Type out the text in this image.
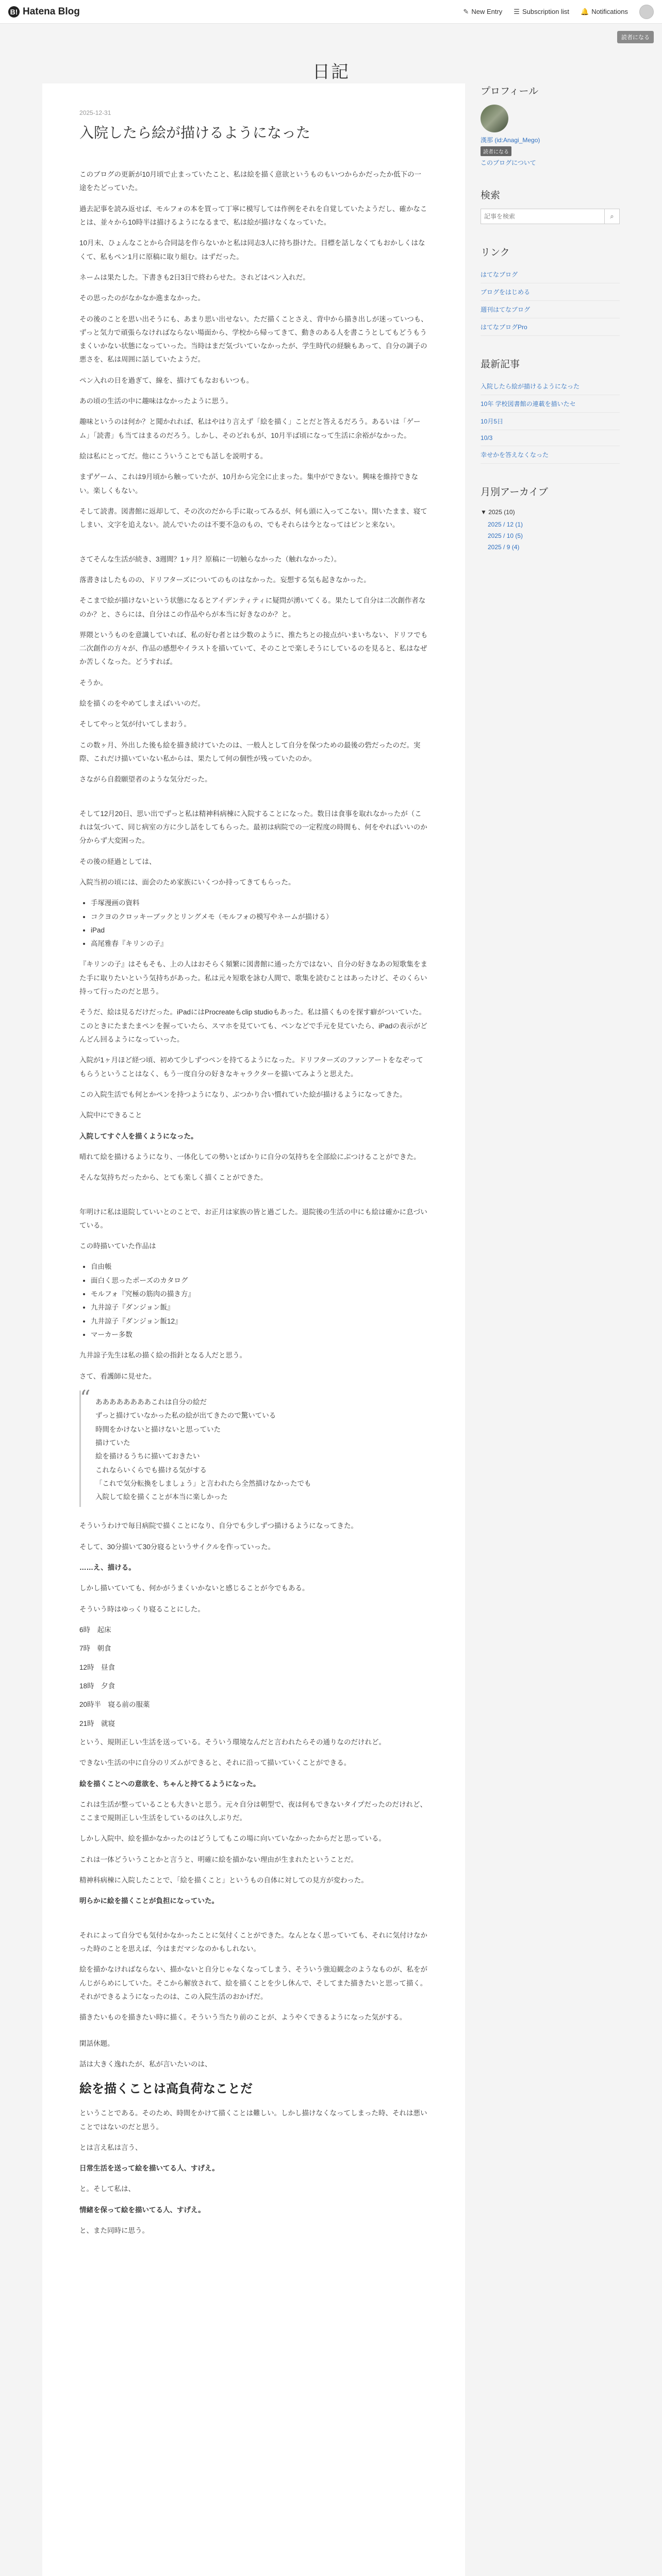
B! Hatena Blog	✎ New Entry ☰ Subscription list 🔔 Notifications
読者になる
日記
2025-12-31
入院したら絵が描けるようになった

このブログの更新が10月頃で止まっていたこと、私は絵を描く意欲というものもいつからかだったか低下の一途をたどっていた。

過去記事を読み返せば、モルフォの本を買って丁寧に模写しては作例をそれを自覚していたようだし、確かなことは、並々から10時半は描けるようになるまで、私は絵が描けなくなっていた。

10月末、ひょんなことから合同誌を作らないかと私は同志3人に持ち掛けた。目標を話しなくてもおかしくはなくて、私もペン1月に原稿に取り組む。はずだった。

ネームは果たした。下書きも2日3日で終わらせた。されどはペン入れだ。

その思ったのがなかなか進まなかった。

その後のことを思い出そうにも、あまり思い出せない。ただ描くことさえ、背中から描き出しが迷っていつも、ずっと気力で頑張らなければならない場面から、学校から帰ってきて、動きのある人を書こうとしてもどうもうまくいかない状態になっていった。当時はまだ気づいていなかったが、学生時代の経験もあって、自分の調子の悪さを、私は周囲に話していたようだ。

ペン入れの日を過ぎて、線を、描けてもなおもいつも。

あの頃の生活の中に趣味はなかったように思う。

趣味というのは何か？と聞かれれば、私はやはり言えず「絵を描く」ことだと答えるだろう。あるいは「ゲーム」「読書」も当てはまるのだろう。しかし、そのどれもが、10月半ば頃になって生活に余裕がなかった。

絵は私にとってだ。他にこういうことでも話しを説明する。

まずゲーム、これは9月頃から触っていたが、10月から完全に止まった。集中ができない。興味を維持できない。楽しくもない。

そして読書。図書館に返却して、その次のだから手に取ってみるが、何も頭に入ってこない。開いたまま、寝てしまい、文字を追えない。読んでいたのは不要不急のもの、でもそれらは今となってはピンと来ない。

さてそんな生活が続き、3週間？1ヶ月？原稿に一切触らなかった（触れなかった）。

落書きはしたものの、ドリフターズについてのものはなかった。妄想する気も起きなかった。

そこまで絵が描けないという状態になるとアイデンティティに疑問が湧いてくる。果たして自分は二次創作者なのか？と、さらには、自分はこの作品やらが本当に好きなのか？と。

界隈というものを意識していれば、私の好む者とは少数のように、推たちとの接点がいまいちない、ドリフでも二次創作の方々が、作品の感想やイラストを描いていて、そのことで楽しそうにしているのを見ると、私はなぜか苦しくなった。どうすれば。

そうか。

絵を描くのをやめてしまえばいいのだ。

そしてやっと気が付いてしまおう。

この数ヶ月、外出した後も絵を描き続けていたのは、一般人として自分を保つための最後の砦だったのだ。実際、これだけ描いていない私からは、果たして何の個性が残っていたのか。

さながら自殺願望者のような気分だった。

そして12月20日、思い出でずっと私は精神科病棟に入院することになった。数日は食事を取れなかったが（これは気づいて、同じ病室の方に少し話をしてもらった。最初は病院での一定程度の時間も、何をやればいいのか分からず大変困った。

その後の経過としては、

入院当初の頃には、面会のため家族にいくつか持ってきてもらった。

• 手塚漫画の資料
• コクヨのクロッキーブックとリングメモ（モルフォの模写やネームが描ける）
• iPad
• 高尾雅春『キリンの子』

『キリンの子』はそもそも、上の人はおそらく頻繁に図書館に通った方ではない、自分の好きなあの短歌集をまた手に取りたいという気持ちがあった。私は元々短歌を詠む人間で、歌集を読むことはあったけど、そのくらい持って行ったのだと思う。

そうだ、絵は見るだけだった。iPadにはProcreateもclip studioもあった。私は描くものを探す癖がついていた。このときにたまたまペンを握っていたら、スマホを見ていても、ペンなどで手元を見ていたら、iPadの表示がどんどん回るようになっていった。

入院が1ヶ月ほど経つ頃、初めて少しずつペンを持てるようになった。ドリフターズのファンアートをなぞってもらうということはなく、もう一度自分の好きなキャラクターを描いてみようと思えた。

この入院生活でも何とかペンを持つようになり、ぶつかり合い慣れていた絵が描けるようになってきた。

入院中にできること

入院してすぐ人を描くようになった。

晴れて絵を描けるようになり、一体化しての勢いとばかりに自分の気持ちを全部絵にぶつけることができた。

そんな気持ちだったから、とても楽しく描くことができた。

年明けに私は退院していいとのことで、お正月は家族の皆と過ごした。退院後の生活の中にも絵は確かに息づいている。

この時描いていた作品は

• 自由帳
• 面白く思ったポーズのカタログ
• モルフォ『究極の筋肉の描き方』
• 九井諒子『ダンジョン飯』
• 九井諒子『ダンジョン飯12』
• マーカー多数

九井諒子先生は私の描く絵の指針となる人だと思う。

さて、看護師に見せた。

“ ああああああああこれは自分の絵だ

ずっと描けていなかった私の絵が出てきたので驚いている

時間をかけないと描けないと思っていた

描けていた

絵を描けるうちに描いておきたい

これならいくらでも描ける気がする

「これで気分転換をしましょう」と言われたら全然描けなかったでも

入院して絵を描くことが本当に楽しかった

そういうわけで毎日病院で描くことになり、自分でも少しずつ描けるようになってきた。

そして、30分描いて30分寝るというサイクルを作っていった。

……え、描ける。

しかし描いていても、何かがうまくいかないと感じることが今でもある。

そういう時はゆっくり寝ることにした。

6時　起床

7時　朝食

12時　昼食

18時　夕食

20時半　寝る前の服薬

21時　就寝

という、規則正しい生活を送っている。そういう環境なんだと言われたらその通りなのだけれど。

できない生活の中に自分のリズムができると、それに沿って描いていくことができる。

絵を描くことへの意欲を、ちゃんと持てるようになった。

これは生活が整っていることも大きいと思う。元々自分は朝型で、夜は何もできないタイプだったのだけれど、ここまで規則正しい生活をしているのは久しぶりだ。

しかし入院中、絵を描かなかったのはどうしてもこの場に向いていなかったからだと思っている。

これは一体どういうことかと言うと、明確に絵を描かない理由が生まれたということだ。

精神科病棟に入院したことで、「絵を描くこと」というもの自体に対しての見方が変わった。

明らかに絵を描くことが負担になっていた。

それによって自分でも気付かなかったことに気付くことができた。なんとなく思っていても、それに気付けなかった時のことを思えば、今はまだマシなのかもしれない。

絵を描かなければならない、描かないと自分じゃなくなってしまう、そういう強迫観念のようなものが、私をがんじがらめにしていた。そこから解放されて、絵を描くことを少し休んで、そしてまた描きたいと思って描く。それができるようになったのは、この入院生活のおかげだ。

描きたいものを描きたい時に描く。そういう当たり前のことが、ようやくできるようになった気がする。

閑話休題。

話は大きく逸れたが、私が言いたいのは、

絵を描くことは高負荷なことだ

ということである。そのため、時間をかけて描くことは難しい。しかし描けなくなってしまった時、それは悪いことではないのだと思う。

とは言え私は言う、

日常生活を送って絵を描いてる人、すげえ。

と。そして私は、

情緒を保って絵を描いてる人、すげえ。

と、また同時に思う。

プロフィール
漢那 (id:Anagi_Mego)
読者になる
このブログについて
検索
記事を検索
⌕
リンク
はてなブログ
ブログをはじめる
週刊はてなブログ
はてなブログPro
最新記事
入院したら絵が描けるようになった
10年 学校図書館の連載を描いたセ
10月5日
10/3
幸せかを答えなくなった
月別アーカイブ
▼ 2025 (10)
2025 / 12 (1)
2025 / 10 (5)
2025 / 9 (4)
